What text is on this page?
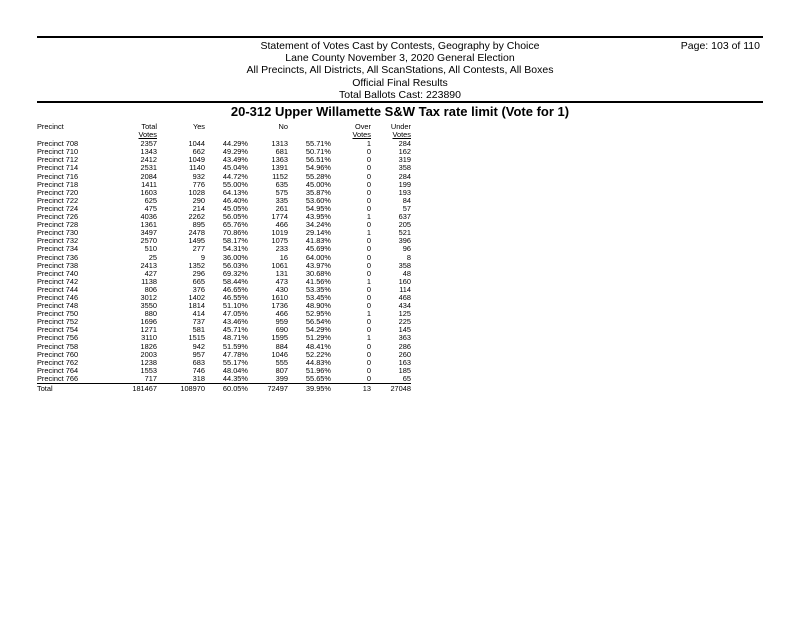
Statement of Votes Cast by Contests, Geography by Choice
Lane County November 3, 2020 General Election
All Precincts, All Districts, All ScanStations, All Contests, All Boxes
Official Final Results
Total Ballots Cast: 223890
Page: 103 of 110
20-312 Upper Willamette S&W Tax rate limit (Vote for 1)
Precinct	Total	Yes		No		Over	Under
	Votes					Votes	Votes
Precinct 708	2357	1044	44.29%	1313	55.71%	1	284
Precinct 710	1343	662	49.29%	681	50.71%	0	162
Precinct 712	2412	1049	43.49%	1363	56.51%	0	319
Precinct 714	2531	1140	45.04%	1391	54.96%	0	358
Precinct 716	2084	932	44.72%	1152	55.28%	0	284
Precinct 718	1411	776	55.00%	635	45.00%	0	199
Precinct 720	1603	1028	64.13%	575	35.87%	0	193
Precinct 722	625	290	46.40%	335	53.60%	0	84
Precinct 724	475	214	45.05%	261	54.95%	0	57
Precinct 726	4036	2262	56.05%	1774	43.95%	1	637
Precinct 728	1361	895	65.76%	466	34.24%	0	205
Precinct 730	3497	2478	70.86%	1019	29.14%	1	521
Precinct 732	2570	1495	58.17%	1075	41.83%	0	396
Precinct 734	510	277	54.31%	233	45.69%	0	96
Precinct 736	25	9	36.00%	16	64.00%	0	8
Precinct 738	2413	1352	56.03%	1061	43.97%	0	358
Precinct 740	427	296	69.32%	131	30.68%	0	48
Precinct 742	1138	665	58.44%	473	41.56%	1	160
Precinct 744	806	376	46.65%	430	53.35%	0	114
Precinct 746	3012	1402	46.55%	1610	53.45%	0	468
Precinct 748	3550	1814	51.10%	1736	48.90%	0	434
Precinct 750	880	414	47.05%	466	52.95%	1	125
Precinct 752	1696	737	43.46%	959	56.54%	0	225
Precinct 754	1271	581	45.71%	690	54.29%	0	145
Precinct 756	3110	1515	48.71%	1595	51.29%	1	363
Precinct 758	1826	942	51.59%	884	48.41%	0	286
Precinct 760	2003	957	47.78%	1046	52.22%	0	260
Precinct 762	1238	683	55.17%	555	44.83%	0	163
Precinct 764	1553	746	48.04%	807	51.96%	0	185
Precinct 766	717	318	44.35%	399	55.65%	0	65
Total	181467	108970	60.05%	72497	39.95%	13	27048
